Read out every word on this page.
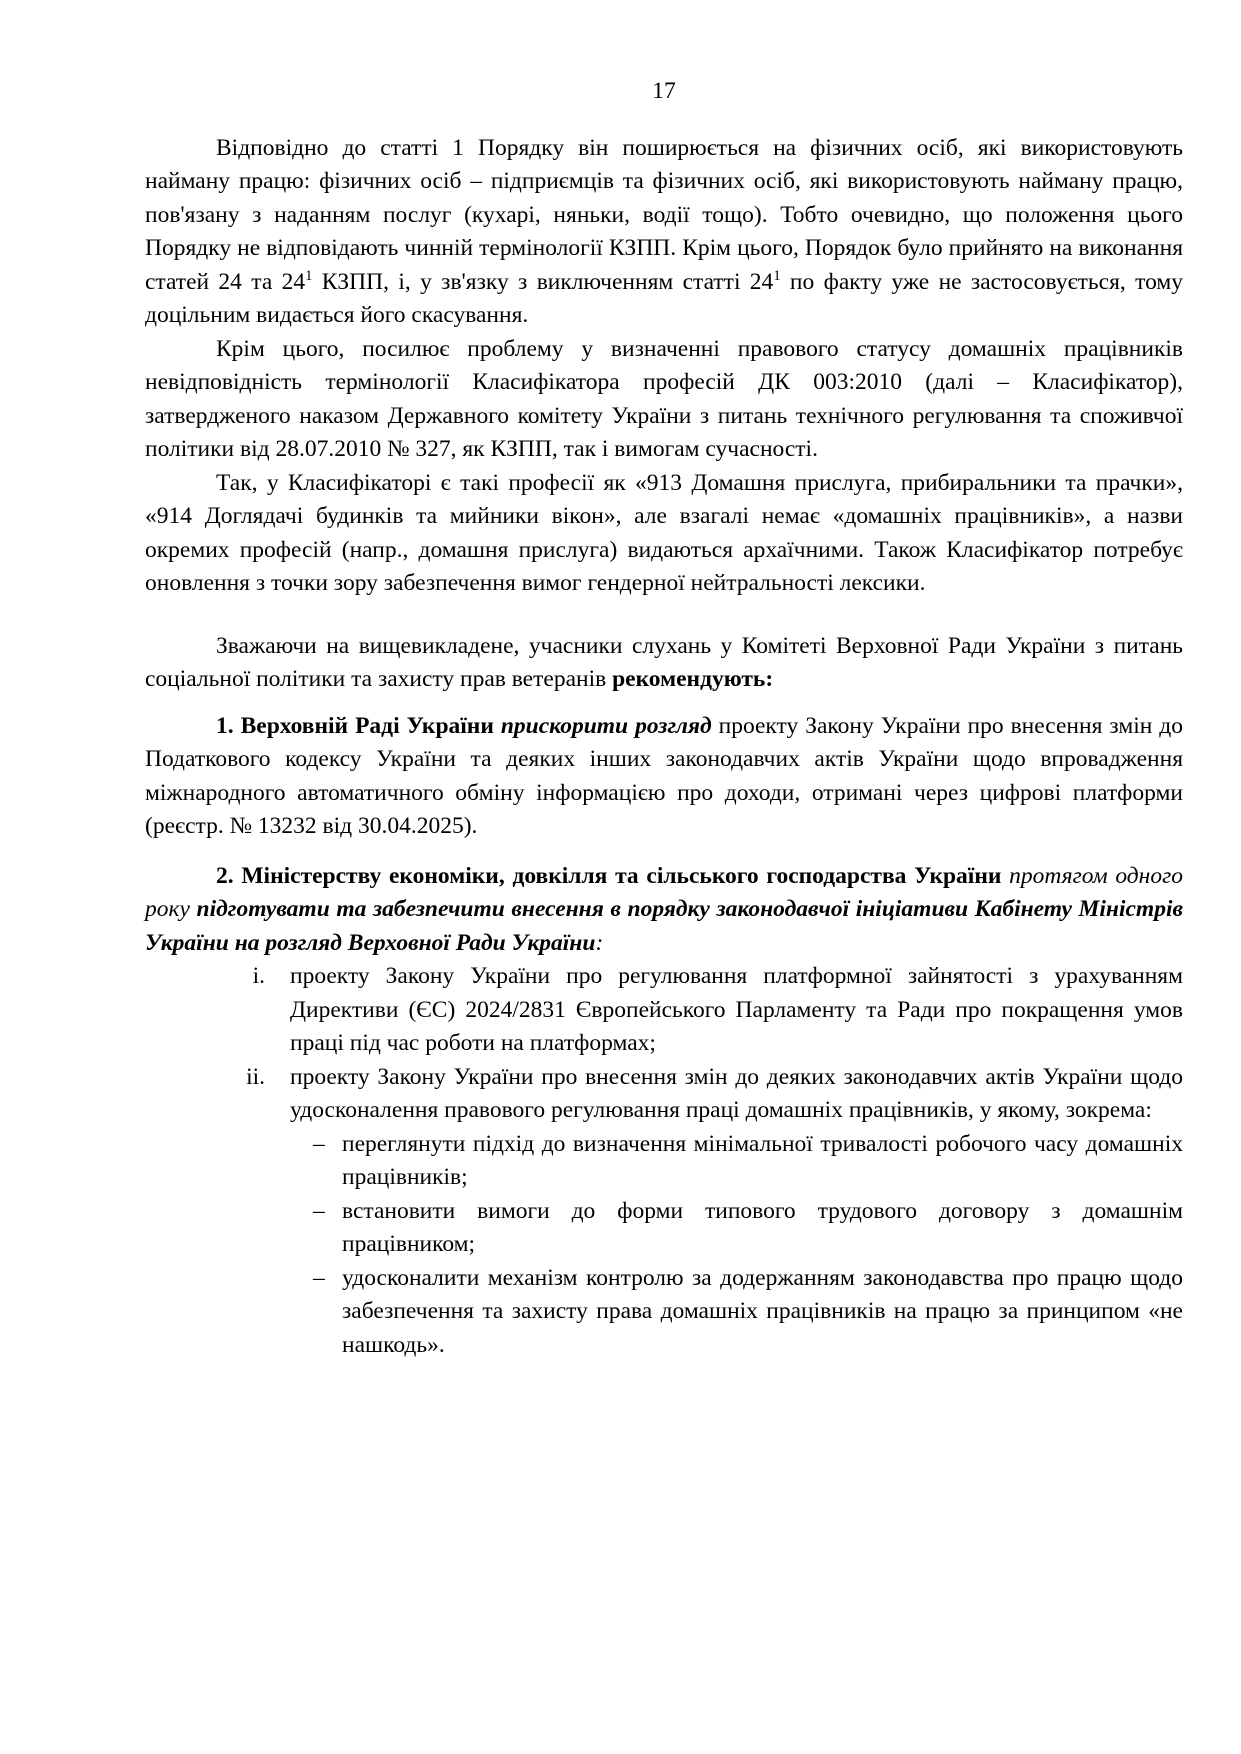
17

Відповідно до статті 1 Порядку він поширюється на фізичних осіб, які використовують найману працю: фізичних осіб – підприємців та фізичних осіб, які використовують найману працю, пов'язану з наданням послуг (кухарі, няньки, водії тощо). Тобто очевидно, що положення цього Порядку не відповідають чинній термінології КЗПП. Крім цього, Порядок було прийнято на виконання статей 24 та $24^1$ КЗПП, і, у зв'язку з виключенням статті $24^1$ по факту уже не застосовується, тому доцільним видається його скасування.

Крім цього, посилює проблему у визначенні правового статусу домашніх працівників невідповідність термінології Класифікатора професій ДК 003:2010 (далі – Класифікатор), затвердженого наказом Державного комітету України з питань технічного регулювання та споживчої політики від 28.07.2010 № 327, як КЗПП, так і вимогам сучасності.

Так, у Класифікаторі є такі професії як «913 Домашня прислуга, прибиральники та прачки», «914 Доглядачі будинків та мийники вікон», але взагалі немає «домашніх працівників», а назви окремих професій (напр., домашня прислуга) видаються архаїчними. Також Класифікатор потребує оновлення з точки зору забезпечення вимог гендерної нейтральності лексики.

Зважаючи на вищевикладене, учасники слухань у Комітеті Верховної Ради України з питань соціальної політики та захисту прав ветеранів рекомендують:

1. Верховній Раді України прискорити розгляд проекту Закону України про внесення змін до Податкового кодексу України та деяких інших законодавчих актів України щодо впровадження міжнародного автоматичного обміну інформацією про доходи, отримані через цифрові платформи (реєстр. № 13232 від 30.04.2025).

2. Міністерству економіки, довкілля та сільського господарства України протягом одного року підготувати та забезпечити внесення в порядку законодавчої ініціативи Кабінету Міністрів України на розгляд Верховної Ради України:

i. проекту Закону України про регулювання платформної зайнятості з урахуванням Директиви (ЄС) 2024/2831 Європейського Парламенту та Ради про покращення умов праці під час роботи на платформах;

ii. проекту Закону України про внесення змін до деяких законодавчих актів України щодо удосконалення правового регулювання праці домашніх працівників, у якому, зокрема:

– переглянути підхід до визначення мінімальної тривалості робочого часу домашніх працівників;

– встановити вимоги до форми типового трудового договору з домашнім працівником;

– удосконалити механізм контролю за додержанням законодавства про працю щодо забезпечення та захисту права домашніх працівників на працю за принципом «не нашкодь».
